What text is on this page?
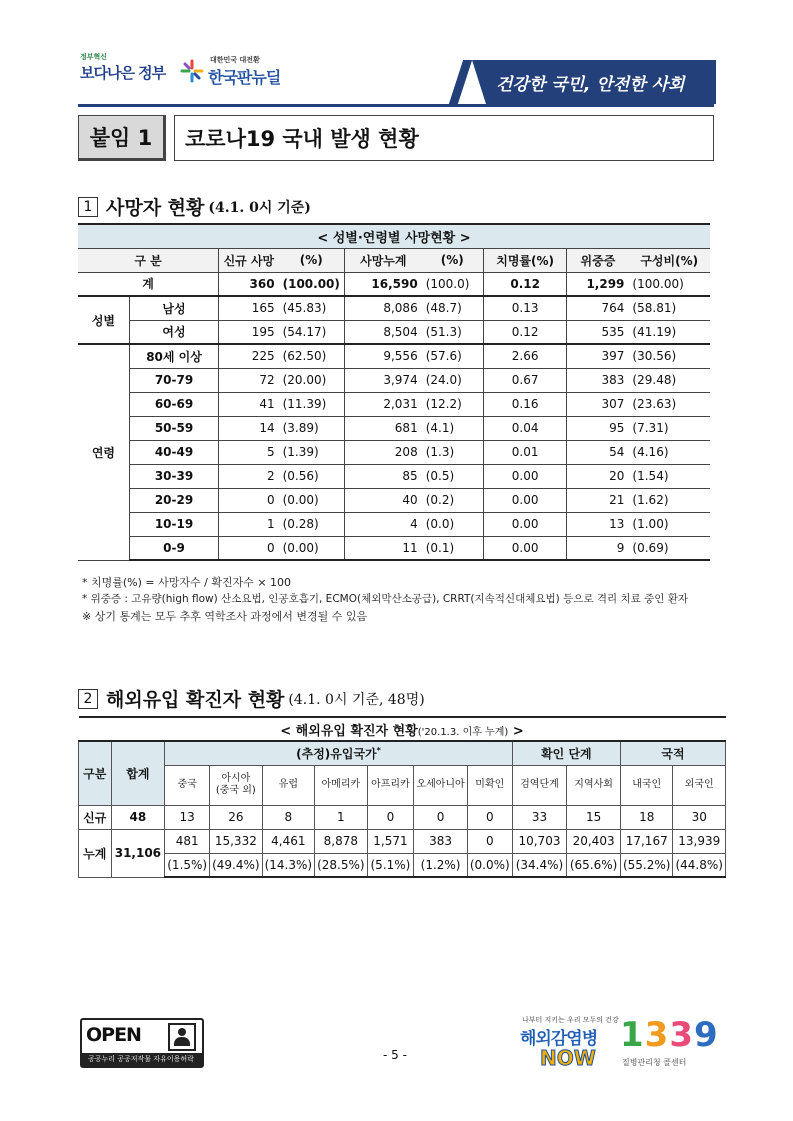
정부혁신
보다나은 정부
대한민국 대전환
한국판뉴딜	건강한 국민, 안전한 사회
붙임 1	코로나19 국내 발생 현황
1 사망자 현황 (4.1. 0시 기준)
< 성별·연령별 사망현황 >								
구 분		신규 사망	(%)	사망누계	(%)	치명률(%)	위중증	구성비(%)
계		360	(100.00)	16,590	(100.0)	0.12	1,299	(100.00)
성별	남성	165	(45.83)	8,086	(48.7)	0.13	764	(58.81)
	여성	195	(54.17)	8,504	(51.3)	0.12	535	(41.19)
연령	80세 이상	225	(62.50)	9,556	(57.6)	2.66	397	(30.56)
	70-79	72	(20.00)	3,974	(24.0)	0.67	383	(29.48)
	60-69	41	(11.39)	2,031	(12.2)	0.16	307	(23.63)
	50-59	14	(3.89)	681	(4.1)	0.04	95	(7.31)
	40-49	5	(1.39)	208	(1.3)	0.01	54	(4.16)
	30-39	2	(0.56)	85	(0.5)	0.00	20	(1.54)
	20-29	0	(0.00)	40	(0.2)	0.00	21	(1.62)
	10-19	1	(0.28)	4	(0.0)	0.00	13	(1.00)
	0-9	0	(0.00)	11	(0.1)	0.00	9	(0.69)
* 치명률(%) = 사망자수 / 확진자수 × 100
* 위중증 : 고유량(high flow) 산소요법, 인공호흡기, ECMO(체외막산소공급), CRRT(지속적신대체요법) 등으로 격리 치료 중인 환자
※ 상기 통계는 모두 추후 역학조사 과정에서 변경될 수 있음
2 해외유입 확진자 현황 (4.1. 0시 기준, 48명)
< 해외유입 확진자 현황('20.1.3. 이후 누계) >												
구분	합계	(추정)유입국가*							확인 단계		국적	
		중국	아시아
(중국 외)	유럽	아메리카	아프리카	오세아니아	미확인	검역단계	지역사회	내국인	외국인
신규	48	13	26	8	1	0	0	0	33	15	18	30
누계	31,106	481	15,332	4,461	8,878	1,571	383	0	10,703	20,403	17,167	13,939
		(1.5%)	(49.4%)	(14.3%)	(28.5%)	(5.1%)	(1.2%)	(0.0%)	(34.4%)	(65.6%)	(55.2%)	(44.8%)
OPEN
공공누리 공공저작물 자유이용허락	- 5 -
나부터 지키는 우리 모두의 건강
해외감염병
NOW
1339
질병관리청 콜센터
